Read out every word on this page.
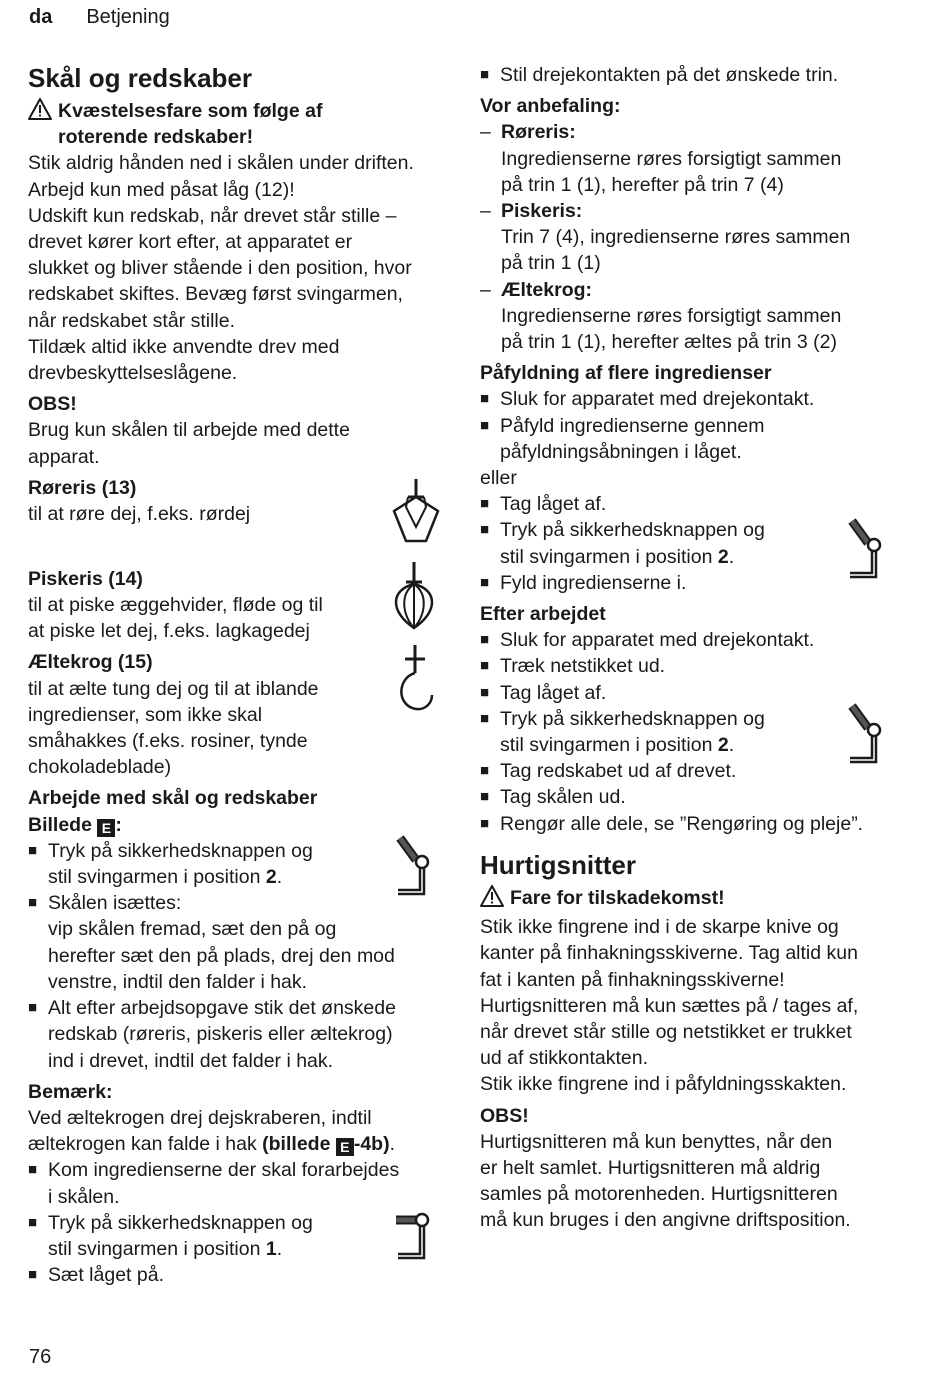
da Betjening
Skål og redskaber
Kvæstelsesfare som følge af
roterende redskaber!

Stik aldrig hånden ned i skålen under driften.

Arbejd kun med påsat låg (12)!

Udskift kun redskab, når drevet står stille –

drevet kører kort efter, at apparatet er

slukket og bliver stående i den position, hvor

redskabet skiftes. Bevæg først svingarmen,

når redskabet står stille.

Tildæk altid ikke anvendte drev med

drevbeskyttelseslågene.

OBS!

Brug kun skålen til arbejde med dette

apparat.

Røreris (13)

til at røre dej, f.eks. rørdej

Piskeris (14)

til at piske æggehvider, fløde og til

at piske let dej, f.eks. lagkagedej

Æltekrog (15)

til at ælte tung dej og til at iblande

ingredienser, som ikke skal

småhakkes (f.eks. rosiner, tynde

chokoladeblade)

Arbejde med skål og redskaber

Billede E :

■ Tryk på sikkerhedsknappen og
stil svingarmen i position 2.
■ Skålen isættes:
vip skålen fremad, sæt den på og
herefter sæt den på plads, drej den mod
venstre, indtil den falder i hak.
■ Alt efter arbejdsopgave stik det ønskede
redskab (røreris, piskeris eller æltekrog)
ind i drevet, indtil det falder i hak.
Bemærk:

Ved æltekrogen drej dejskraberen, indtil

æltekrogen kan falde i hak (billede E -4b).

■ Kom ingredienserne der skal forarbejdes
i skålen.
■ Tryk på sikkerhedsknappen og
stil svingarmen i position 1.
■ Sæt låget på.
■ Stil drejekontakten på det ønskede trin.
Vor anbefaling:
– Røreris:
Ingredienserne røres forsigtigt sammen
på trin 1 (1), herefter på trin 7 (4)
– Piskeris:
Trin 7 (4), ingredienserne røres sammen
på trin 1 (1)
– Æltekrog:
Ingredienserne røres forsigtigt sammen
på trin 1 (1), herefter æltes på trin 3 (2)
Påfyldning af flere ingredienser
■ Sluk for apparatet med drejekontakt.
■ Påfyld ingredienserne gennem
påfyldningsåbningen i låget.

eller

■ Tag låget af.
■ Tryk på sikkerhedsknappen og
stil svingarmen i position 2.
■ Fyld ingredienserne i.
Efter arbejdet
■ Sluk for apparatet med drejekontakt.
■ Træk netstikket ud.
■ Tag låget af.
■ Tryk på sikkerhedsknappen og
stil svingarmen i position 2.
■ Tag redskabet ud af drevet.
■ Tag skålen ud.
■ Rengør alle dele, se ”Rengøring og pleje”.
Hurtigsnitter
Fare for tilskadekomst!

Stik ikke fingrene ind i de skarpe knive og

kanter på finhakningsskiverne. Tag altid kun

fat i kanten på finhakningsskiverne!

Hurtigsnitteren må kun sættes på / tages af,

når drevet står stille og netstikket er trukket

ud af stikkontakten.

Stik ikke fingrene ind i påfyldningsskakten.

OBS!

Hurtigsnitteren må kun benyttes, når den

er helt samlet. Hurtigsnitteren må aldrig

samles på motorenheden. Hurtigsnitteren

må kun bruges i den angivne driftsposition.

76
